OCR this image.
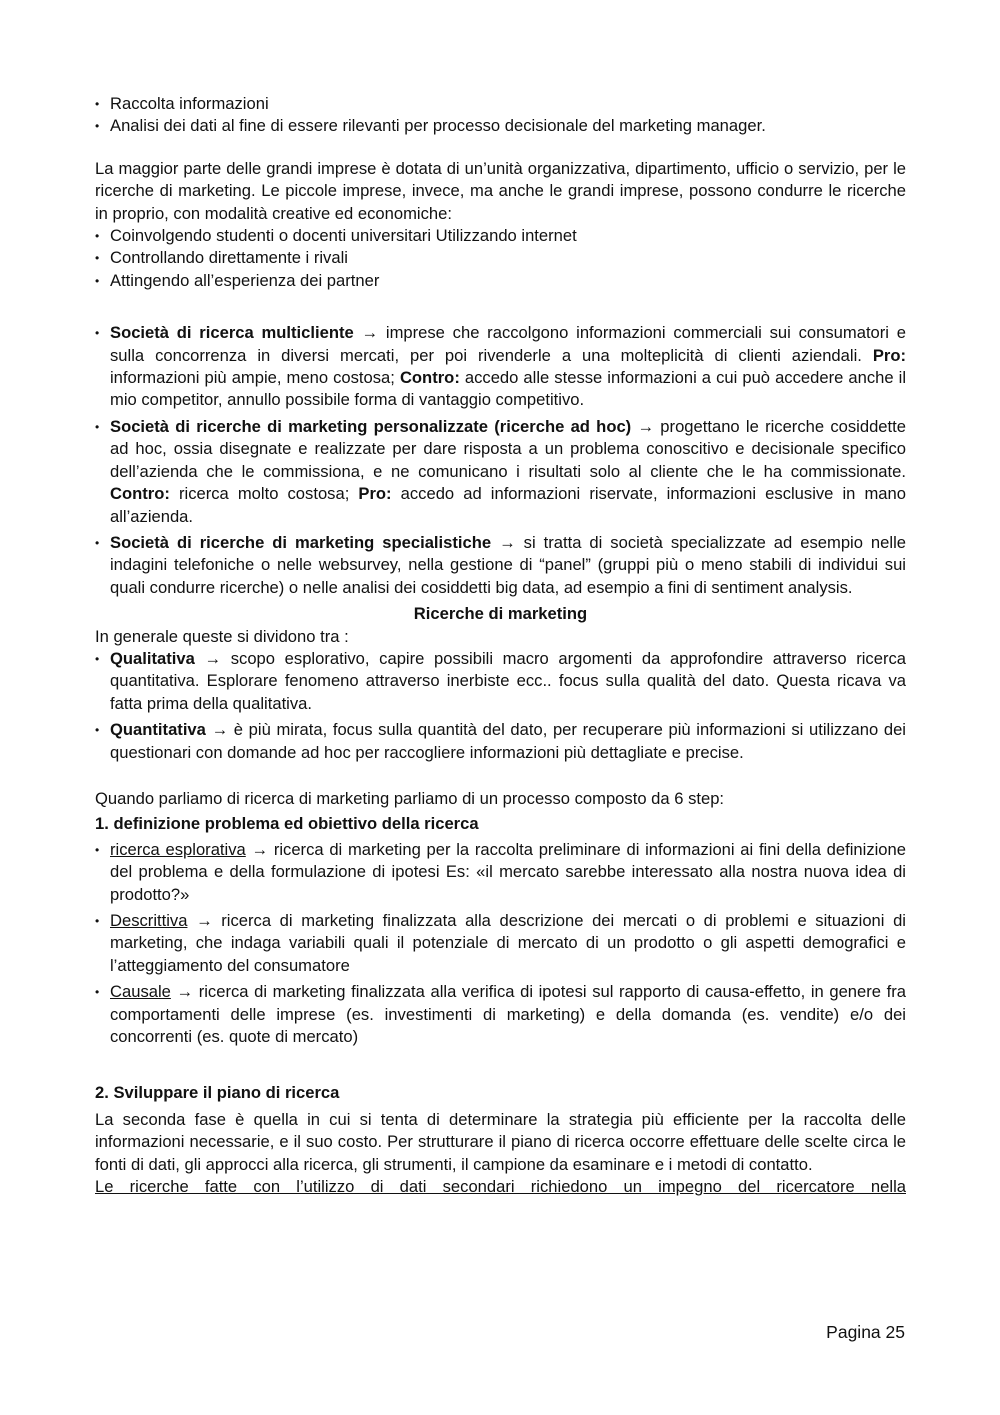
• Raccolta informazioni
• Analisi dei dati al fine di essere rilevanti per processo decisionale del marketing manager.

La maggior parte delle grandi imprese è dotata di un’unità organizzativa, dipartimento, ufficio o servizio, per le ricerche di marketing. Le piccole imprese, invece, ma anche le grandi imprese, possono condurre le ricerche in proprio, con modalità creative ed economiche:

• Coinvolgendo studenti o docenti universitari Utilizzando internet
• Controllando direttamente i rivali
• Attingendo all’esperienza dei partner
• Società di ricerca multicliente → imprese che raccolgono informazioni commerciali sui consumatori e sulla concorrenza in diversi mercati, per poi rivenderle a una molteplicità di clienti aziendali. Pro: informazioni più ampie, meno costosa; Contro: accedo alle stesse informazioni a cui può accedere anche il mio competitor, annullo possibile forma di vantaggio competitivo.
• Società di ricerche di marketing personalizzate (ricerche ad hoc) → progettano le ricerche cosiddette ad hoc, ossia disegnate e realizzate per dare risposta a un problema conoscitivo e decisionale specifico dell’azienda che le commissiona, e ne comunicano i risultati solo al cliente che le ha commissionate. Contro: ricerca molto costosa; Pro: accedo ad informazioni riservate, informazioni esclusive in mano all’azienda.
• Società di ricerche di marketing specialistiche → si tratta di società specializzate ad esempio nelle indagini telefoniche o nelle websurvey, nella gestione di “panel” (gruppi più o meno stabili di individui sui quali condurre ricerche) o nelle analisi dei cosiddetti big data, ad esempio a fini di sentiment analysis.

Ricerche di marketing

In generale queste si dividono tra :

• Qualitativa → scopo esplorativo, capire possibili macro argomenti da approfondire attraverso ricerca quantitativa. Esplorare fenomeno attraverso inerbiste ecc.. focus sulla qualità del dato. Questa ricava va fatta prima della qualitativa.
• Quantitativa → è più mirata, focus sulla quantità del dato, per recuperare più informazioni si utilizzano dei questionari con domande ad hoc per raccogliere informazioni più dettagliate e precise.

Quando parliamo di ricerca di marketing parliamo di un processo composto da 6 step:

1. definizione problema ed obiettivo della ricerca

• ricerca esplorativa → ricerca di marketing per la raccolta preliminare di informazioni ai fini della definizione del problema e della formulazione di ipotesi Es: «il mercato sarebbe interessato alla nostra nuova idea di prodotto?»
• Descrittiva → ricerca di marketing finalizzata alla descrizione dei mercati o di problemi e situazioni di marketing, che indaga variabili quali il potenziale di mercato di un prodotto o gli aspetti demografici e l’atteggiamento del consumatore
• Causale → ricerca di marketing finalizzata alla verifica di ipotesi sul rapporto di causa-effetto, in genere fra comportamenti delle imprese (es. investimenti di marketing) e della domanda (es. vendite) e/o dei concorrenti (es. quote di mercato)

2. Sviluppare il piano di ricerca

La seconda fase è quella in cui si tenta di determinare la strategia più efficiente per la raccolta delle informazioni necessarie, e il suo costo. Per strutturare il piano di ricerca occorre effettuare delle scelte circa le fonti di dati, gli approcci alla ricerca, gli strumenti, il campione da esaminare e i metodi di contatto.

Le ricerche fatte con l’utilizzo di dati secondari richiedono un impegno del ricercatore nella

Pagina 25
